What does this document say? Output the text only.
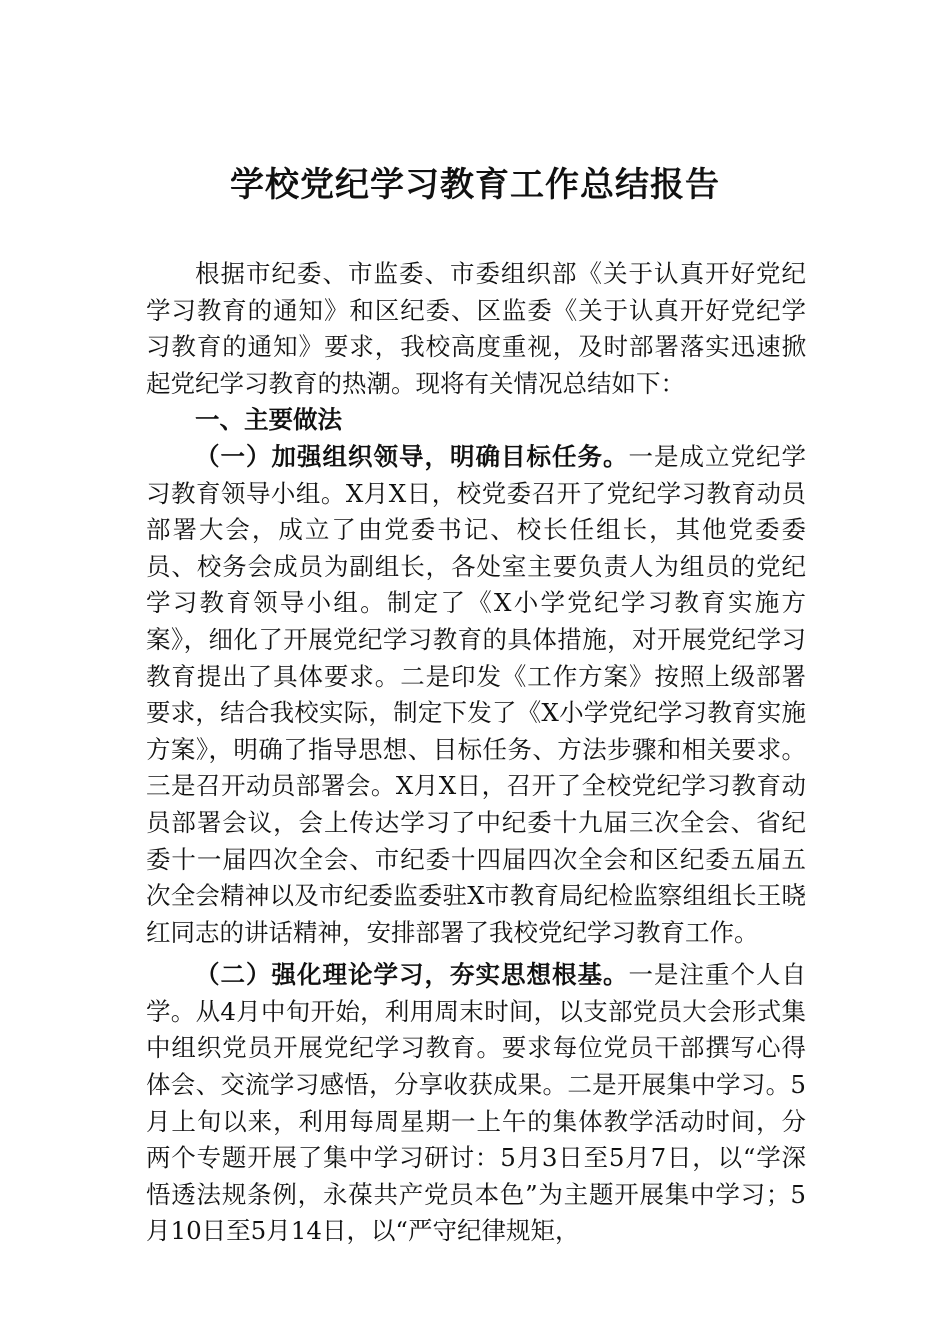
学校党纪学习教育工作总结报告

根据市纪委、市监委、市委组织部《关于认真开好党纪学习教育的通知》和区纪委、区监委《关于认真开好党纪学习教育的通知》要求，我校高度重视，及时部署落实迅速掀起党纪学习教育的热潮。现将有关情况总结如下：

一、主要做法

（一）加强组织领导，明确目标任务。一是成立党纪学习教育领导小组。X月X日，校党委召开了党纪学习教育动员部署大会，成立了由党委书记、校长任组长，其他党委委员、校务会成员为副组长，各处室主要负责人为组员的党纪学习教育领导小组。制定了《X小学党纪学习教育实施方案》，细化了开展党纪学习教育的具体措施，对开展党纪学习教育提出了具体要求。二是印发《工作方案》按照上级部署要求，结合我校实际，制定下发了《X小学党纪学习教育实施方案》，明确了指导思想、目标任务、方法步骤和相关要求。三是召开动员部署会。X月X日，召开了全校党纪学习教育动员部署会议，会上传达学习了中纪委十九届三次全会、省纪委十一届四次全会、市纪委十四届四次全会和区纪委五届五次全会精神以及市纪委监委驻X市教育局纪检监察组组长王晓红同志的讲话精神，安排部署了我校党纪学习教育工作。

（二）强化理论学习，夯实思想根基。一是注重个人自学。从4月中旬开始，利用周末时间，以支部党员大会形式集中组织党员开展党纪学习教育。要求每位党员干部撰写心得体会、交流学习感悟，分享收获成果。二是开展集中学习。5月上旬以来，利用每周星期一上午的集体教学活动时间，分两个专题开展了集中学习研讨：5月3日至5月7日，以“学深悟透法规条例，永葆共产党员本色”为主题开展集中学习；5月10日至5月14日，以“严守纪律规矩，
